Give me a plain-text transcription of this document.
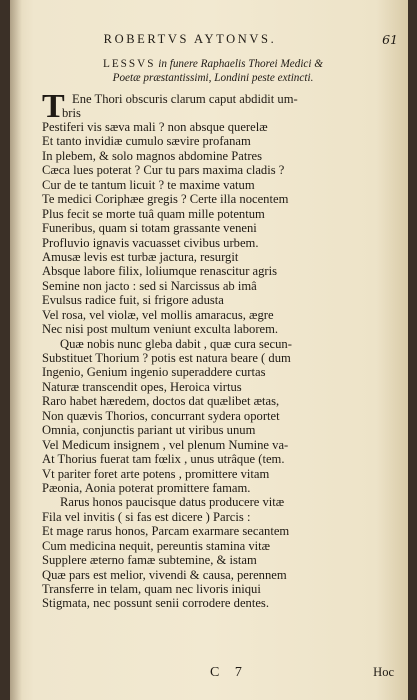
ROBERTVS AYTONVS.	61
LESSVS in funere Raphaelis Thorei Medici &
Poetæ præstantissimi, Londini peste extincti.
T Ene Thori obscuris clarum caput abdidit um-
bris
Pestiferi vis sæva mali ? non absque querelæ
Et tanto invidiæ cumulo sævire profanam
In plebem, & solo magnos abdomine Patres
Cæca lues poterat ? Cur tu pars maxima cladis ?
Cur de te tantum licuit ? te maxime vatum
Te medici Coriphæe gregis ? Certe illa nocentem
Plus fecit se morte tuâ quam mille potentum
Funeribus, quam si totam grassante veneni
Profluvio ignavis vacuasset civibus urbem.
Amusæ levis est turbæ jactura, resurgit
Absque labore filix, loliumque renascitur agris
Semine non jacto : sed si Narcissus ab imâ
Evulsus radice fuit, si frigore adusta
Vel rosa, vel violæ, vel mollis amaracus, ægre
Nec nisi post multum veniunt exculta laborem.
Quæ nobis nunc gleba dabit , quæ cura secun-
Substituet Thorium ? potis est natura beare ( dum
Ingenio, Genium ingenio superaddere curtas
Naturæ transcendit opes, Heroica virtus
Raro habet hæredem, doctos dat quælibet ætas,
Non quævis Thorios, concurrant sydera oportet
Omnia, conjunctis pariant ut viribus unum
Vel Medicum insignem , vel plenum Numine va-
At Thorius fuerat tam fœlix , unus utrâque (tem.
Vt pariter foret arte potens , promittere vitam
Pæonia, Aonia poterat promittere famam.
Rarus honos paucisque datus producere vitæ
Fila vel invitis ( si fas est dicere ) Parcis :
Et mage rarus honos, Parcam exarmare secantem
Cum medicina nequit, pereuntis stamina vitæ
Supplere æterno famæ subtemine, & istam
Quæ pars est melior, vivendi & causa, perennem
Transferre in telam, quam nec livoris iniqui
Stigmata, nec possunt senii corrodere dentes.
C 7	Hoc
